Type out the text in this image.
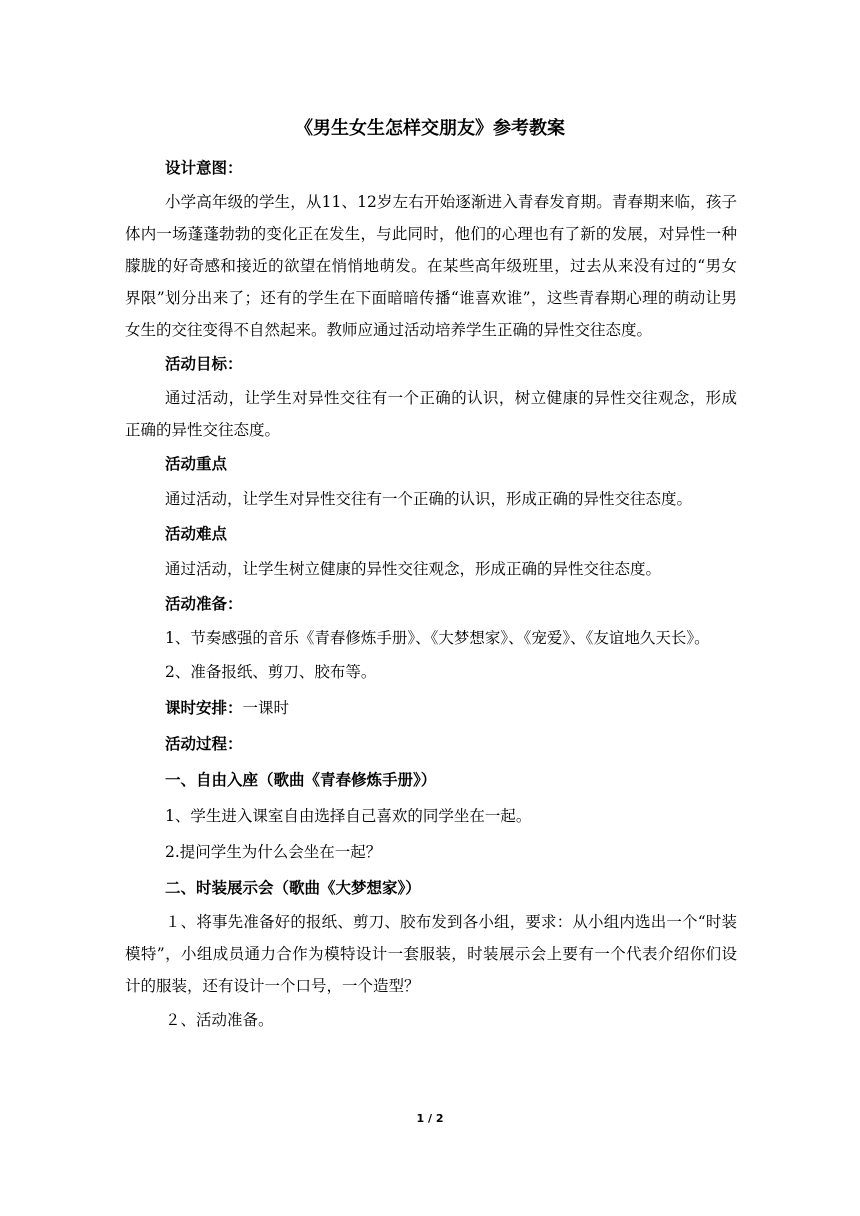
《男生女生怎样交朋友》参考教案
设计意图：
小学高年级的学生，从11、12岁左右开始逐渐进入青春发育期。青春期来临，孩子体内一场蓬蓬勃勃的变化正在发生，与此同时，他们的心理也有了新的发展，对异性一种朦胧的好奇感和接近的欲望在悄悄地萌发。在某些高年级班里，过去从来没有过的“男女界限”划分出来了；还有的学生在下面暗暗传播“谁喜欢谁”，这些青春期心理的萌动让男女生的交往变得不自然起来。教师应通过活动培养学生正确的异性交往态度。
活动目标：
通过活动，让学生对异性交往有一个正确的认识，树立健康的异性交往观念，形成正确的异性交往态度。
活动重点
通过活动，让学生对异性交往有一个正确的认识，形成正确的异性交往态度。
活动难点
通过活动，让学生树立健康的异性交往观念，形成正确的异性交往态度。
活动准备：
1、节奏感强的音乐《青春修炼手册》、《大梦想家》、《宠爱》、《友谊地久天长》。
2、准备报纸、剪刀、胶布等。
课时安排：一课时
活动过程：
一、自由入座（歌曲《青春修炼手册》）
1、学生进入课室自由选择自己喜欢的同学坐在一起。
2.提问学生为什么会坐在一起？
二、时装展示会（歌曲《大梦想家》）
１、将事先准备好的报纸、剪刀、胶布发到各小组，要求：从小组内选出一个“时装模特”，小组成员通力合作为模特设计一套服装，时装展示会上要有一个代表介绍你们设计的服装，还有设计一个口号，一个造型？
２、活动准备。
1 / 2
